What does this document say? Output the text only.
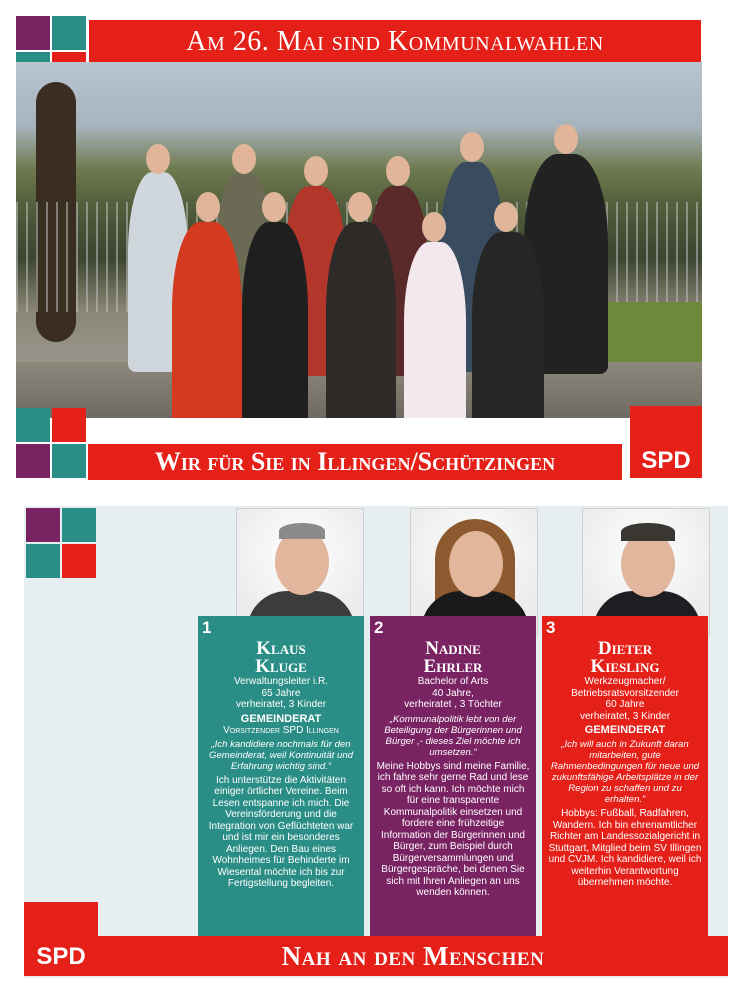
Am 26. Mai sind Kommunalwahlen
Wir für Sie in Illingen/Schützingen	SPD
1
Klaus
Kluge
Verwaltungsleiter i.R.
65 Jahre
verheiratet, 3 Kinder
GEMEINDERAT
Vorsitzender SPD Illingen
„Ich kandidiere nochmals für den Gemeinderat, weil Kontinuität und Erfahrung wichtig sind.“
Ich unterstütze die Aktivitäten einiger örtlicher Vereine. Beim Lesen entspanne ich mich. Die Vereinsförderung und die Integration von Geflüchteten war und ist mir ein besonderes Anliegen. Den Bau eines Wohnheimes für Behinderte im Wiesental möchte ich bis zur Fertigstellung begleiten.
2
Nadine
Ehrler
Bachelor of Arts
40 Jahre,
verheiratet , 3 Töchter
„Kommunalpolitik lebt von der Beteiligung der Bürgerinnen und Bürger ,- dieses Ziel möchte ich umsetzen.“
Meine Hobbys sind meine Familie, ich fahre sehr gerne Rad und lese so oft ich kann. Ich möchte mich für eine transparente Kommunalpolitik einsetzen und fordere eine frühzeitige Information der Bürgerinnen und Bürger, zum Beispiel durch Bürgerversammlungen und Bürgergespräche, bei denen Sie sich mit Ihren Anliegen an uns wenden können.
3
Dieter
Kiesling
Werkzeugmacher/
Betriebsratsvorsitzender
60 Jahre
verheiratet, 3 Kinder
GEMEINDERAT
„Ich will auch in Zukunft daran mitarbeiten, gute Rahmenbedingungen für neue und zukunftsfähige Arbeitsplätze in der Region zu schaffen und zu erhalten.“
Hobbys: Fußball, Radfahren, Wandern. Ich bin ehrenamtlicher Richter am Landessozialgericht in Stuttgart, Mitglied beim SV Illingen und CVJM. Ich kandidiere, weil ich weiterhin Verantwortung übernehmen möchte.
SPD	Nah an den Menschen
